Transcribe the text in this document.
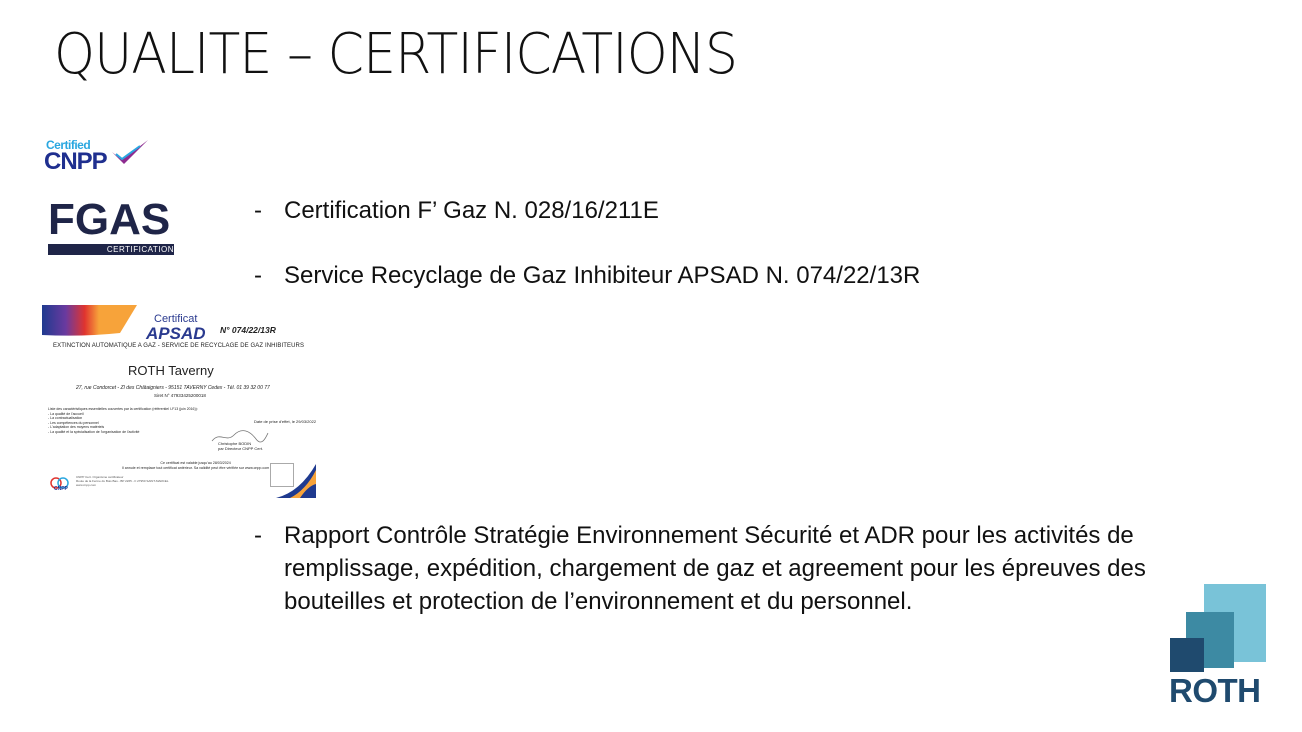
QUALITE – CERTIFICATIONS
Certified
CNPP
FGAS
CERTIFICATION
Certificat
APSAD N° 074/22/13R
EXTINCTION AUTOMATIQUE A GAZ - SERVICE DE RECYCLAGE DE GAZ INHIBITEURS
ROTH Taverny
27, rue Condorcet - ZI des Châtaigniers - 95151 TAVERNY Cedex - Tél. 01 39 32 00 77
Siret N° 47933425200018
Liste des caractéristiques essentielles couvertes par la certification (référentiel I-F13 (juin 2016)):
- La qualité de l'accueil
- La contractualisation
- Les compétences du personnel
- L'adaptation des moyens matériels
- La qualité et la spécialisation de l'organisation de l'activité
Date de prise d'effet, le 29/03/2022
Christophe BODIN
par Directeur CNPP Cert.
Ce certificat est valable jusqu'au 28/03/2024
Il annule et remplace tout certificat antérieur. Sa validité peut être vérifiée sur www.cnpp.com
CNPP
CNPP Cert. Organisme certificateur
Route de la Ferme du Bois Bas - BP 2265 - F 27950 SAINT-MARCEL
www.cnpp.com
- Certification F’ Gaz N. 028/16/211E
- Service Recyclage de Gaz Inhibiteur APSAD N. 074/22/13R
- Rapport Contrôle Stratégie Environnement Sécurité et ADR pour les activités de remplissage, expédition, chargement de gaz et agreement pour les épreuves des bouteilles et protection de l’environnement et du personnel.
ROTH
